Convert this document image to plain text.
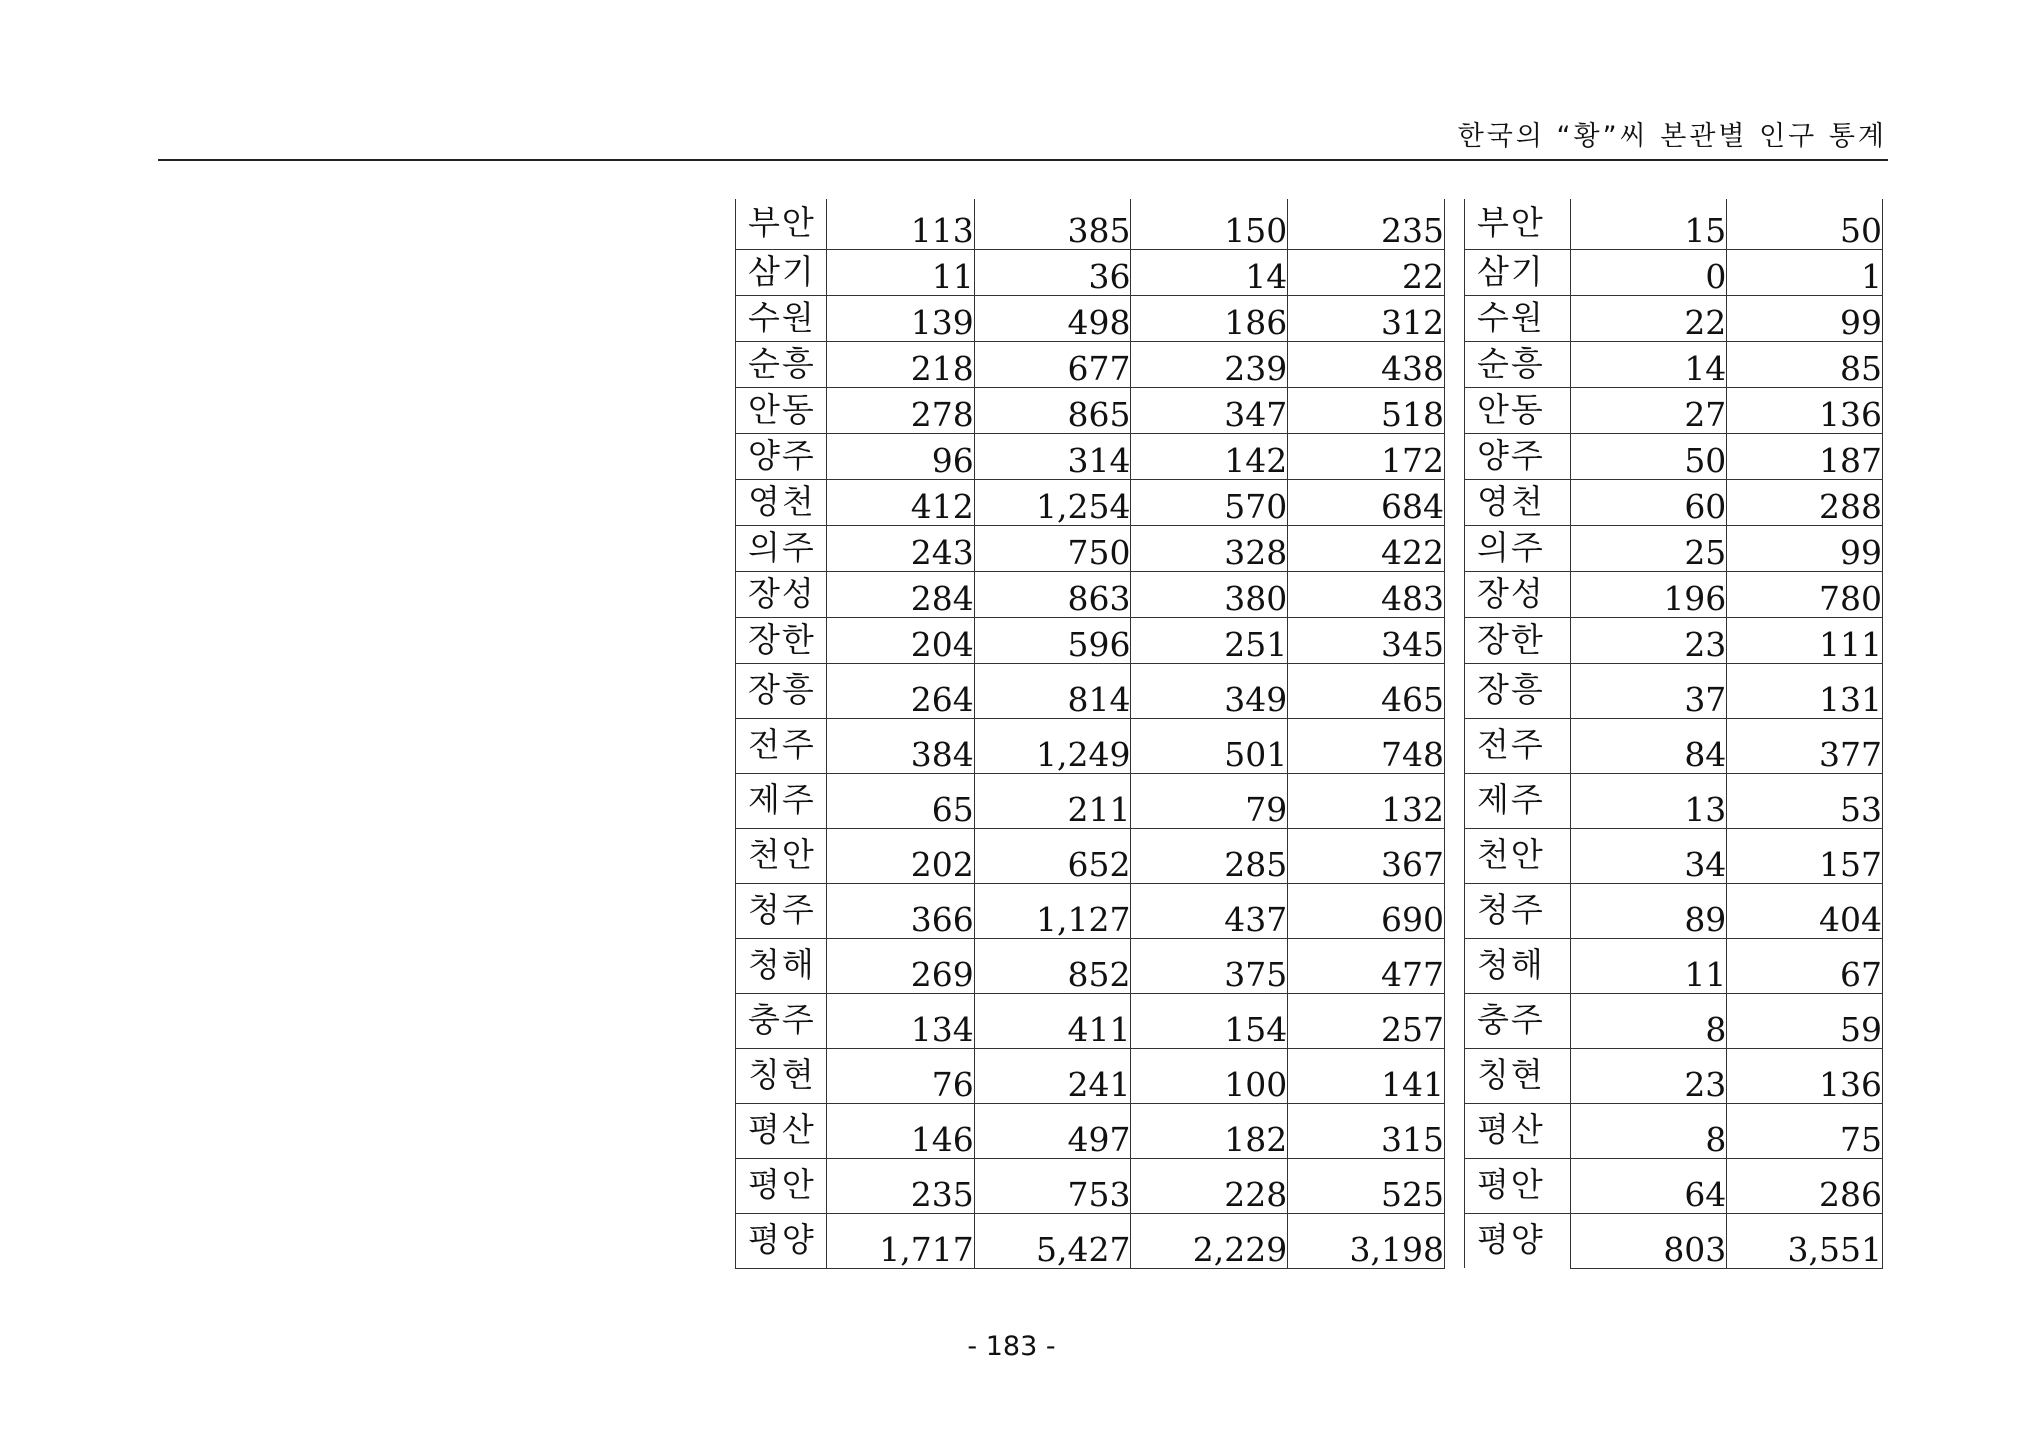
한국의 “황”씨 본관별 인구 통계
부안	113	385	150	235
삼기	11	36	14	22
수원	139	498	186	312
순흥	218	677	239	438
안동	278	865	347	518
양주	96	314	142	172
영천	412	1,254	570	684
의주	243	750	328	422
장성	284	863	380	483
장한	204	596	251	345
장흥	264	814	349	465
전주	384	1,249	501	748
제주	65	211	79	132
천안	202	652	285	367
청주	366	1,127	437	690
청해	269	852	375	477
충주	134	411	154	257
칭현	76	241	100	141
평산	146	497	182	315
평안	235	753	228	525
평양	1,717	5,427	2,229	3,198
부안	15	50
삼기	0	1
수원	22	99
순흥	14	85
안동	27	136
양주	50	187
영천	60	288
의주	25	99
장성	196	780
장한	23	111
장흥	37	131
전주	84	377
제주	13	53
천안	34	157
청주	89	404
청해	11	67
충주	8	59
칭현	23	136
평산	8	75
평안	64	286
평양	803	3,551
- 183 -
